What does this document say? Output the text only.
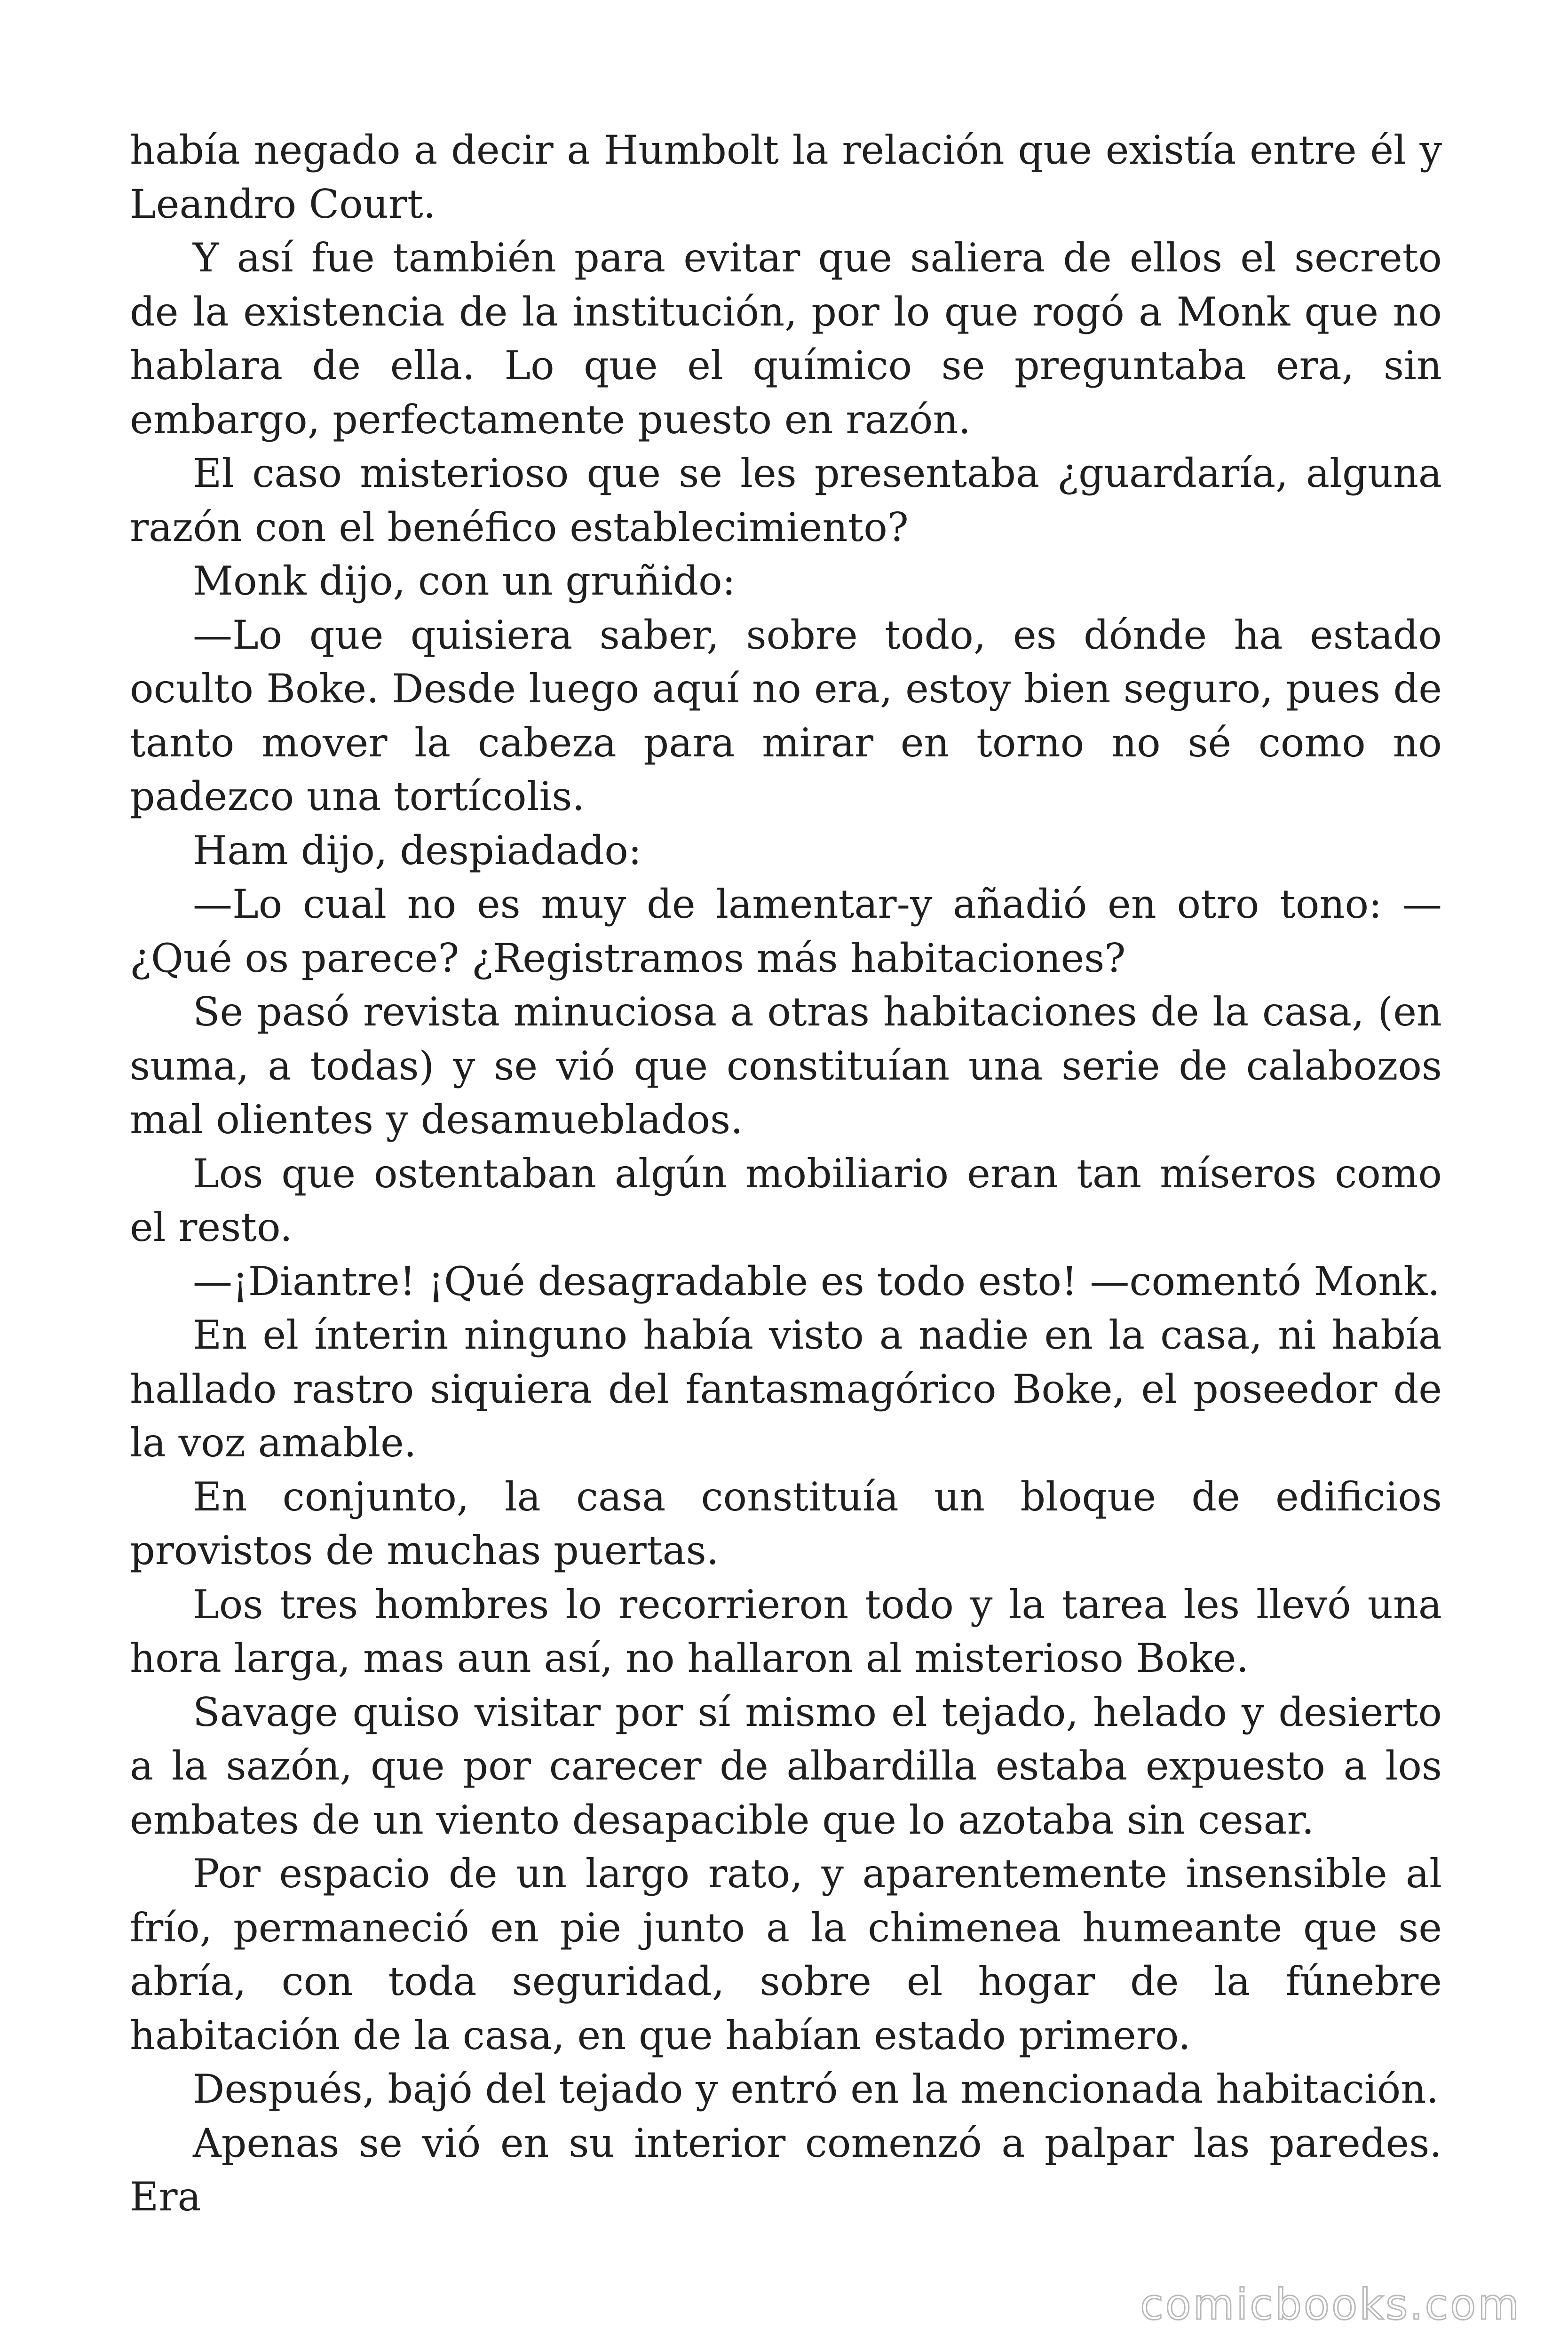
había negado a decir a Humbolt la relación que existía entre él y Leandro Court.

Y así fue también para evitar que saliera de ellos el secreto de la existencia de la institución, por lo que rogó a Monk que no hablara de ella. Lo que el químico se preguntaba era, sin embargo, perfectamente puesto en razón.

El caso misterioso que se les presentaba ¿guardaría, alguna razón con el benéfico establecimiento?

Monk dijo, con un gruñido:

—Lo que quisiera saber, sobre todo, es dónde ha estado oculto Boke. Desde luego aquí no era, estoy bien seguro, pues de tanto mover la cabeza para mirar en torno no sé como no padezco una tortícolis.

Ham dijo, despiadado:

—Lo cual no es muy de lamentar-y añadió en otro tono: —¿Qué os parece? ¿Registramos más habitaciones?

Se pasó revista minuciosa a otras habitaciones de la casa, (en suma, a todas) y se vió que constituían una serie de calabozos mal olientes y desamueblados.

Los que ostentaban algún mobiliario eran tan míseros como el resto.

—¡Diantre! ¡Qué desagradable es todo esto! —comentó Monk.

En el ínterin ninguno había visto a nadie en la casa, ni había hallado rastro siquiera del fantasmagórico Boke, el poseedor de la voz amable.

En conjunto, la casa constituía un bloque de edificios provistos de muchas puertas.

Los tres hombres lo recorrieron todo y la tarea les llevó una hora larga, mas aun así, no hallaron al misterioso Boke.

Savage quiso visitar por sí mismo el tejado, helado y desierto a la sazón, que por carecer de albardilla estaba expuesto a los embates de un viento desapacible que lo azotaba sin cesar.

Por espacio de un largo rato, y aparentemente insensible al frío, permaneció en pie junto a la chimenea humeante que se abría, con toda seguridad, sobre el hogar de la fúnebre habitación de la casa, en que habían estado primero.

Después, bajó del tejado y entró en la mencionada habitación.

Apenas se vió en su interior comenzó a palpar las paredes. Era

comicbooks.com
